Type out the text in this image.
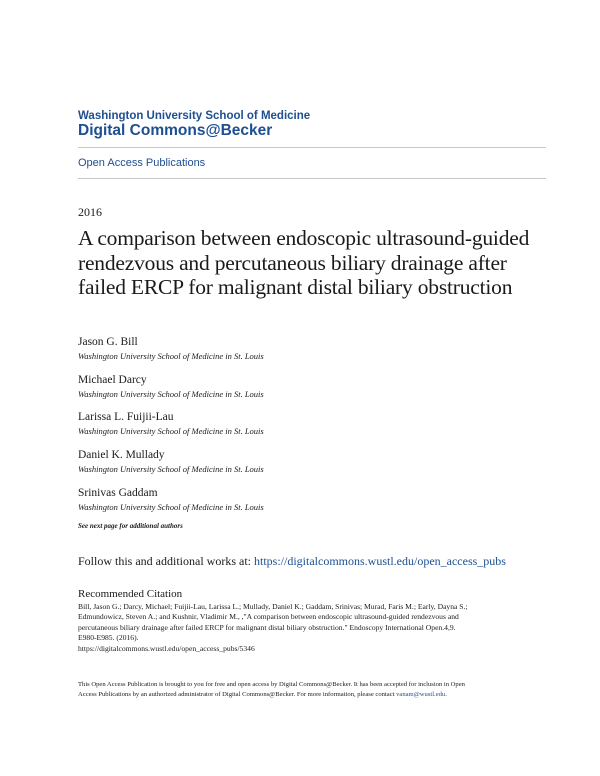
Washington University School of Medicine
Digital Commons@Becker
Open Access Publications
2016
A comparison between endoscopic ultrasound-guided rendezvous and percutaneous biliary drainage after failed ERCP for malignant distal biliary obstruction
Jason G. Bill
Washington University School of Medicine in St. Louis
Michael Darcy
Washington University School of Medicine in St. Louis
Larissa L. Fuijii-Lau
Washington University School of Medicine in St. Louis
Daniel K. Mullady
Washington University School of Medicine in St. Louis
Srinivas Gaddam
Washington University School of Medicine in St. Louis
See next page for additional authors
Follow this and additional works at: https://digitalcommons.wustl.edu/open_access_pubs
Recommended Citation
Bill, Jason G.; Darcy, Michael; Fuijii-Lau, Larissa L.; Mullady, Daniel K.; Gaddam, Srinivas; Murad, Faris M.; Early, Dayna S.;
Edmundowicz, Steven A.; and Kushnir, Vladimir M., ,"A comparison between endoscopic ultrasound-guided rendezvous and
percutaneous biliary drainage after failed ERCP for malignant distal biliary obstruction." Endoscopy International Open.4,9.
E980-E985. (2016).
https://digitalcommons.wustl.edu/open_access_pubs/5346
This Open Access Publication is brought to you for free and open access by Digital Commons@Becker. It has been accepted for inclusion in Open
Access Publications by an authorized administrator of Digital Commons@Becker. For more information, please contact vanam@wustl.edu.
